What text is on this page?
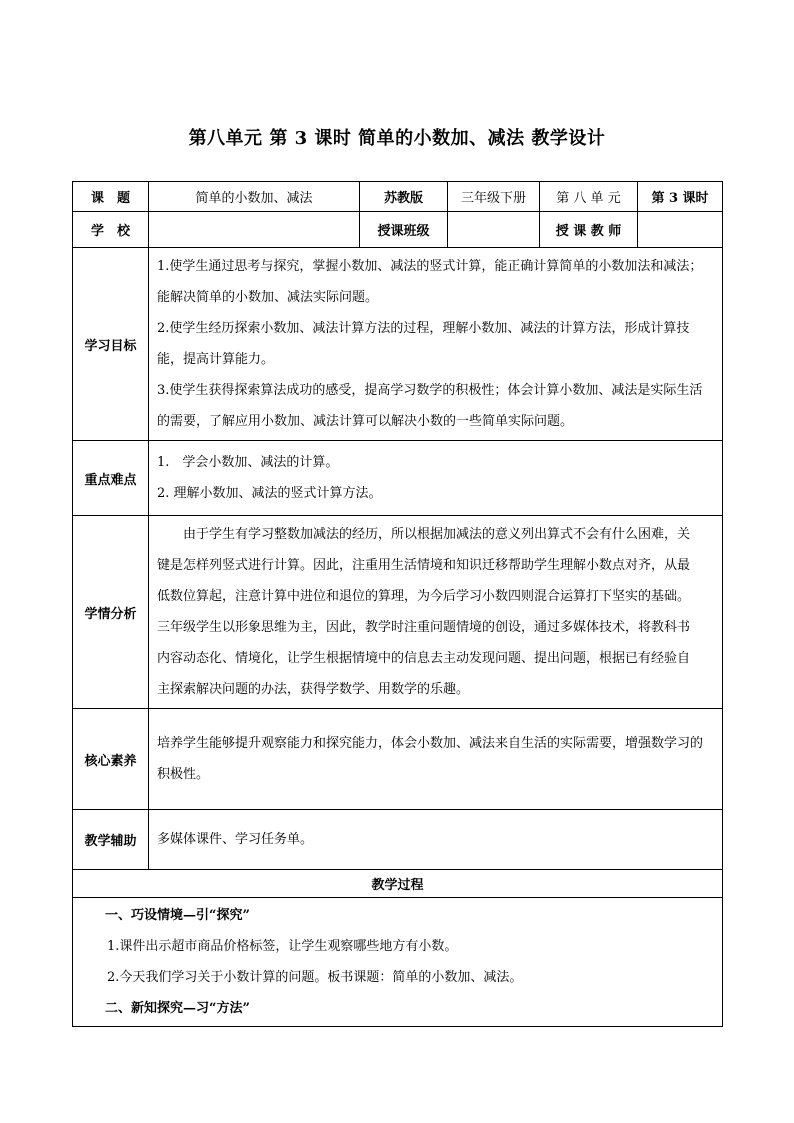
第八单元 第 3 课时 简单的小数加、减法 教学设计
课　题	简单的小数加、减法	苏教版	三年级下册	第 八 单 元	第 3 课时
学　校		授课班级		授 课 教 师	
学习目标	1.使学生通过思考与探究，掌握小数加、减法的竖式计算，能正确计算简单的小数加法和减法；能解决简单的小数加、减法实际问题。

2.使学生经历探索小数加、减法计算方法的过程，理解小数加、减法的计算方法，形成计算技能，提高计算能力。

3.使学生获得探索算法成功的感受，提高学习数学的积极性；体会计算小数加、减法是实际生活的需要，了解应用小数加、减法计算可以解决小数的一些简单实际问题。				

重点难点	1.　学会小数加、减法的计算。

2. 理解小数加、减法的竖式计算方法。				

学情分析	由于学生有学习整数加减法的经历，所以根据加减法的意义列出算式不会有什么困难，关键是怎样列竖式进行计算。因此，注重用生活情境和知识迁移帮助学生理解小数点对齐，从最低数位算起，注意计算中进位和退位的算理，为今后学习小数四则混合运算打下坚实的基础。三年级学生以形象思维为主，因此，教学时注重问题情境的创设，通过多媒体技术，将教科书内容动态化、情境化，让学生根据情境中的信息去主动发现问题、提出问题，根据已有经验自主探索解决问题的办法，获得学数学、用数学的乐趣。				

核心素养	培养学生能够提升观察能力和探究能力，体会小数加、减法来自生活的实际需要，增强数学习的积极性。				

教学辅助	多媒体课件、学习任务单。				

教学过程					

一、巧设情境—引“探究”

1.课件出示超市商品价格标签，让学生观察哪些地方有小数。

2.今天我们学习关于小数计算的问题。板书课题：简单的小数加、减法。

二、新知探究—习“方法”					
